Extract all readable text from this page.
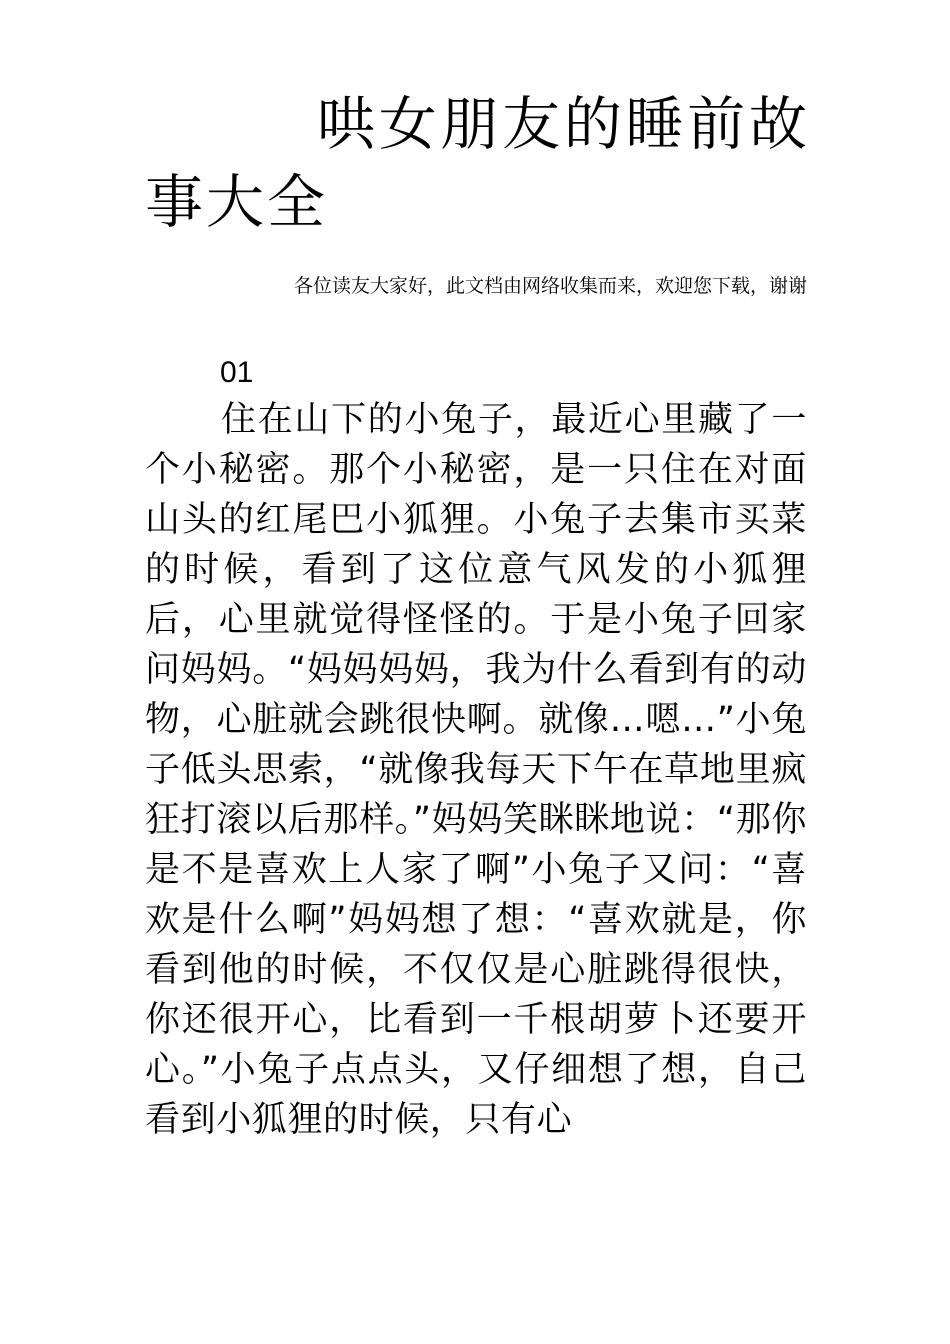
哄女朋友的睡前故事大全

各位读友大家好，此文档由网络收集而来，欢迎您下载，谢谢

01

住在山下的小兔子，最近心里藏了一个小秘密。那个小秘密，是一只住在对面山头的红尾巴小狐狸。小兔子去集市买菜的时候，看到了这位意气风发的小狐狸后，心里就觉得怪怪的。于是小兔子回家问妈妈。“妈妈妈妈，我为什么看到有的动物，心脏就会跳很快啊。就像…嗯…”小兔子低头思索，“就像我每天下午在草地里疯狂打滚以后那样。”妈妈笑眯眯地说：“那你是不是喜欢上人家了啊”小兔子又问：“喜欢是什么啊”妈妈想了想：“喜欢就是，你看到他的时候，不仅仅是心脏跳得很快，你还很开心，比看到一千根胡萝卜还要开心。”小兔子点点头，又仔细想了想，自己看到小狐狸的时候，只有心
